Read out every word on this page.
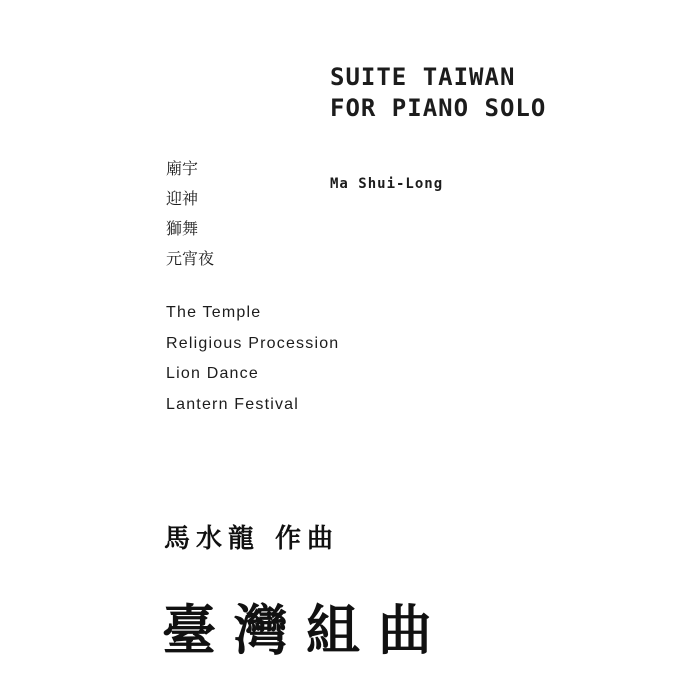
SUITE TAIWAN
FOR PIANO SOLO
Ma Shui-Long
廟宇
迎神
獅舞
元宵夜
The Temple
Religious Procession
Lion Dance
Lantern Festival
馬水龍 作曲
臺灣組曲
